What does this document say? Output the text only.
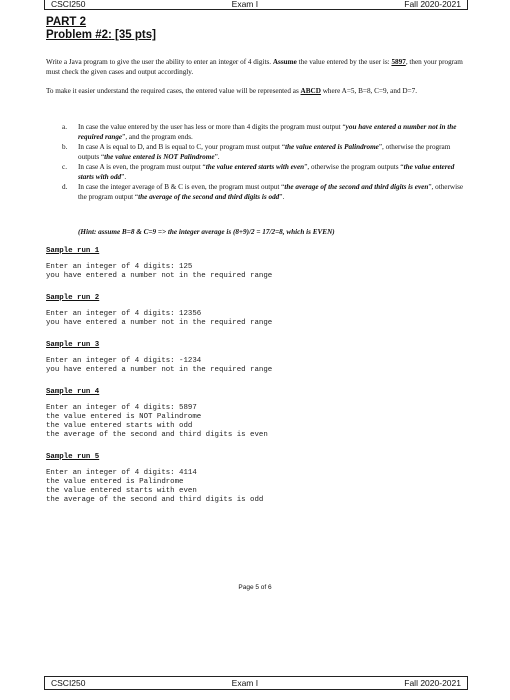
CSCI250	Exam I	Fall 2020-2021
PART 2
Problem #2: [35 pts]
Write a Java program to give the user the ability to enter an integer of 4 digits. Assume the value entered by the user is: 5897, then your program must check the given cases and output accordingly.
To make it easier understand the required cases, the entered value will be represented as ABCD where A=5, B=8, C=9, and D=7.
a. In case the value entered by the user has less or more than 4 digits the program must output “you have entered a number not in the required range”, and the program ends.
b. In case A is equal to D, and B is equal to C, your program must output “the value entered is Palindrome”, otherwise the program outputs “the value entered is NOT Palindrome”.
c. In case A is even, the program must output “the value entered starts with even”, otherwise the program outputs “the value entered starts with odd”.
d. In case the integer average of B & C is even, the program must output “the average of the second and third digits is even”, otherwise the program output “the average of the second and third digits is odd”.
(Hint: assume B=8 & C=9 => the integer average is (8+9)/2 = 17/2=8, which is EVEN)
Sample run 1
Enter an integer of 4 digits: 125
you have entered a number not in the required range
Sample run 2
Enter an integer of 4 digits: 12356
you have entered a number not in the required range
Sample run 3
Enter an integer of 4 digits: -1234
you have entered a number not in the required range
Sample run 4
Enter an integer of 4 digits: 5897
the value entered is NOT Palindrome
the value entered starts with odd
the average of the second and third digits is even
Sample run 5
Enter an integer of 4 digits: 4114
the value entered is Palindrome
the value entered starts with even
the average of the second and third digits is odd
Page 5 of 6
CSCI250	Exam I	Fall 2020-2021
